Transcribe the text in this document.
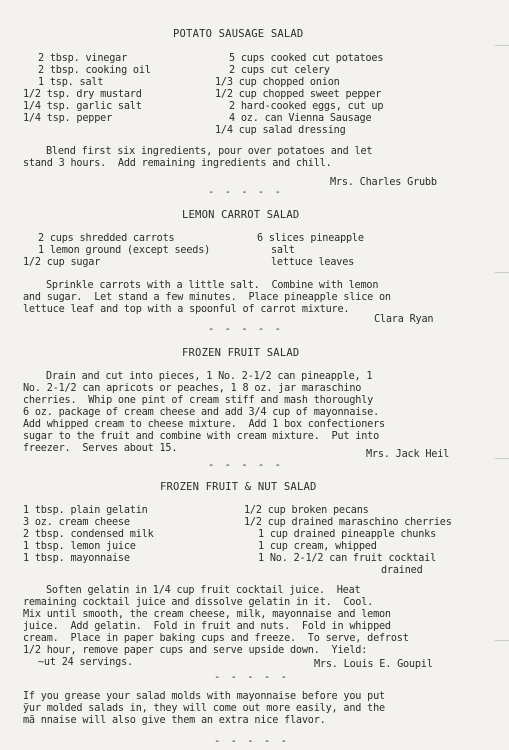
POTATO SAUSAGE SALAD
2 tbsp. vinegar
2 tbsp. cooking oil
1 tsp. salt
1/2 tsp. dry mustard
1/4 tsp. garlic salt
1/4 tsp. pepper
5 cups cooked cut potatoes
2 cups cut celery
1/3 cup chopped onion
1/2 cup chopped sweet pepper
2 hard-cooked eggs, cut up
4 oz. can Vienna Sausage
1/4 cup salad dressing
Blend first six ingredients, pour over potatoes and let
stand 3 hours.  Add remaining ingredients and chill.
Mrs. Charles Grubb
- - - - -
LEMON CARROT SALAD
2 cups shredded carrots
1 lemon ground (except seeds)
1/2 cup sugar
6 slices pineapple
salt
lettuce leaves
Sprinkle carrots with a little salt.  Combine with lemon
and sugar.  Let stand a few minutes.  Place pineapple slice on
lettuce leaf and top with a spoonful of carrot mixture.
Clara Ryan
- - - - -
FROZEN FRUIT SALAD
Drain and cut into pieces, 1 No. 2-1/2 can pineapple, 1
No. 2-1/2 can apricots or peaches, 1 8 oz. jar maraschino
cherries.  Whip one pint of cream stiff and mash thoroughly
6 oz. package of cream cheese and add 3/4 cup of mayonnaise.
Add whipped cream to cheese mixture.  Add 1 box confectioners
sugar to the fruit and combine with cream mixture.  Put into
freezer.  Serves about 15.
Mrs. Jack Heil
- - - - -
FROZEN FRUIT & NUT SALAD
1 tbsp. plain gelatin
3 oz. cream cheese
2 tbsp. condensed milk
1 tbsp. lemon juice
1 tbsp. mayonnaise
1/2 cup broken pecans
1/2 cup drained maraschino cherries
1 cup drained pineapple chunks
1 cup cream, whipped
1 No. 2-1/2 can fruit cocktail
drained
Soften gelatin in 1/4 cup fruit cocktail juice.  Heat
remaining cocktail juice and dissolve gelatin in it.  Cool.
Mix until smooth, the cream cheese, milk, mayonnaise and lemon
juice.  Add gelatin.  Fold in fruit and nuts.  Fold in whipped
cream.  Place in paper baking cups and freeze.  To serve, defrost
1/2 hour, remove paper cups and serve upside down.  Yield:
~ut 24 servings.	Mrs. Louis E. Goupil
- - - - -
If you grease your salad molds with mayonnaise before you put
ỹur molded salads in, they will come out more easily, and the
mã nnaise will also give them an extra nice flavor.
- - - - -
